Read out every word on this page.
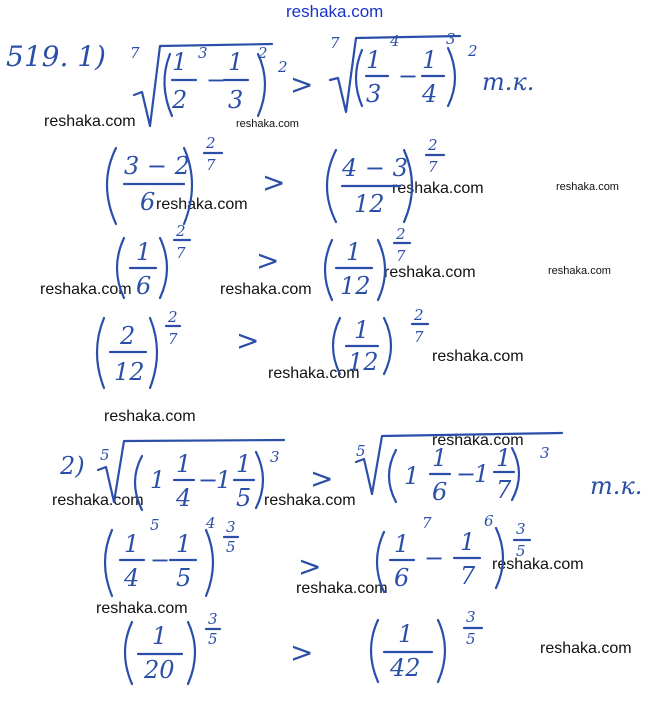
reshaka.com
reshaka.com	reshaka.com
reshaka.com
reshaka.com	reshaka.com
reshaka.com	reshaka.com
reshaka.com	reshaka.com
reshaka.com
reshaka.com
reshaka.com
reshaka.com
reshaka.com	reshaka.com
reshaka.com
reshaka.com
reshaka.com
reshaka.com
519. 1) 7 1
2
−
1
3
3	2
2
>
7
1
3
−
1
4
4	3
2
т.к.
3 − 2
6
2
7
> 4 − 3
12
2
7
1
6
2
7	>	1
12
2
7
2
12
2
7 >	1
12
2
7
2) 5
1
1
4
−
1
1
5
3
>
5
1
1
6
−
1
1
7
3
т.к.
1
4
−
1
5
5	4 3
5
>
1
6
−
1
7
7	6 3
5
1
20
3
5	>
1
42
3
5
